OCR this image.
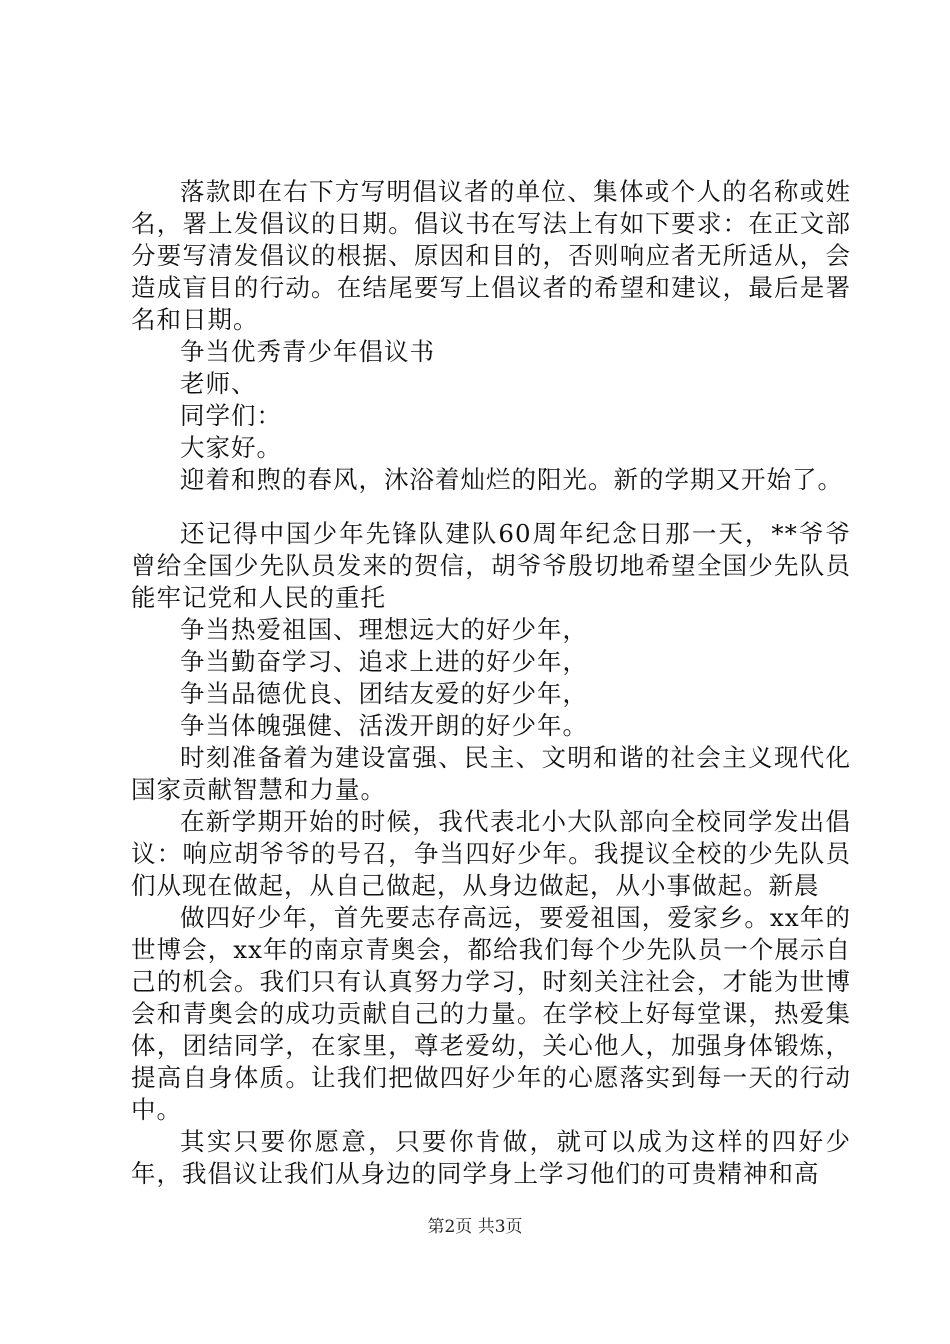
落款即在右下方写明倡议者的单位、集体或个人的名称或姓名，署上发倡议的日期。倡议书在写法上有如下要求：在正文部分要写清发倡议的根据、原因和目的，否则响应者无所适从，会造成盲目的行动。在结尾要写上倡议者的希望和建议，最后是署名和日期。

争当优秀青少年倡议书

老师、

同学们：

大家好。

迎着和煦的春风，沐浴着灿烂的阳光。新的学期又开始了。

还记得中国少年先锋队建队60周年纪念日那一天，**爷爷曾给全国少先队员发来的贺信，胡爷爷殷切地希望全国少先队员能牢记党和人民的重托

争当热爱祖国、理想远大的好少年，

争当勤奋学习、追求上进的好少年，

争当品德优良、团结友爱的好少年，

争当体魄强健、活泼开朗的好少年。

时刻准备着为建设富强、民主、文明和谐的社会主义现代化国家贡献智慧和力量。

在新学期开始的时候，我代表北小大队部向全校同学发出倡议：响应胡爷爷的号召，争当四好少年。我提议全校的少先队员们从现在做起，从自己做起，从身边做起，从小事做起。新晨

做四好少年，首先要志存高远，要爱祖国，爱家乡。xx年的世博会，xx年的南京青奥会，都给我们每个少先队员一个展示自己的机会。我们只有认真努力学习，时刻关注社会，才能为世博会和青奥会的成功贡献自己的力量。在学校上好每堂课，热爱集体，团结同学，在家里，尊老爱幼，关心他人，加强身体锻炼，提高自身体质。让我们把做四好少年的心愿落实到每一天的行动中。

其实只要你愿意，只要你肯做，就可以成为这样的四好少年，我倡议让我们从身边的同学身上学习他们的可贵精神和高

第2页 共3页
